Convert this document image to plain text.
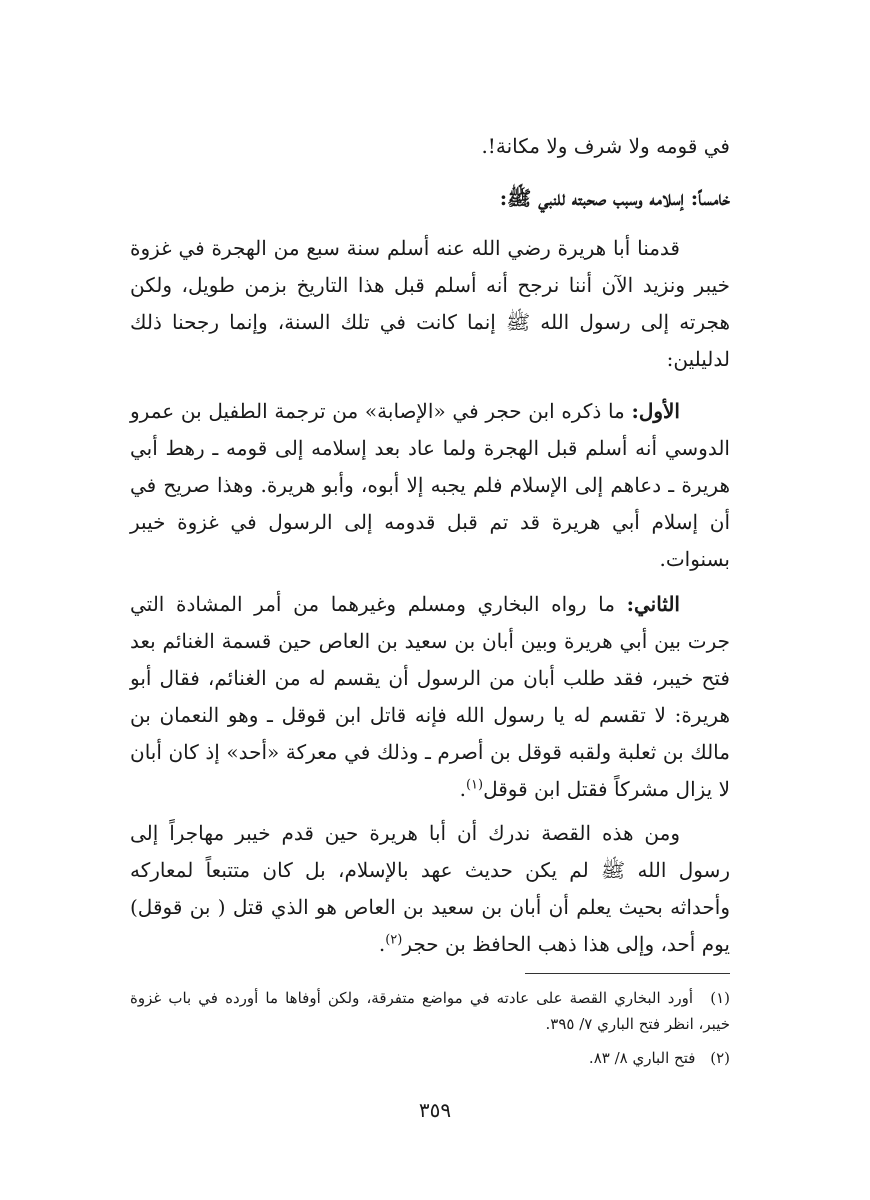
في قومه ولا شرف ولا مكانة!.

خامساً: إسلامه وسبب صحبته للنبي ﷺ:

قدمنا أبا هريرة رضي الله عنه أسلم سنة سبع من الهجرة في غزوة خيبر ونزيد الآن أننا نرجح أنه أسلم قبل هذا التاريخ بزمن طويل، ولكن هجرته إلى رسول الله ﷺ إنما كانت في تلك السنة، وإنما رجحنا ذلك لدليلين:

الأول: ما ذكره ابن حجر في «الإصابة» من ترجمة الطفيل بن عمرو الدوسي أنه أسلم قبل الهجرة ولما عاد بعد إسلامه إلى قومه ـ رهط أبي هريرة ـ دعاهم إلى الإسلام فلم يجبه إلا أبوه، وأبو هريرة. وهذا صريح في أن إسلام أبي هريرة قد تم قبل قدومه إلى الرسول في غزوة خيبر بسنوات.

الثاني: ما رواه البخاري ومسلم وغيرهما من أمر المشادة التي جرت بين أبي هريرة وبين أبان بن سعيد بن العاص حين قسمة الغنائم بعد فتح خيبر، فقد طلب أبان من الرسول أن يقسم له من الغنائم، فقال أبو هريرة: لا تقسم له يا رسول الله فإنه قاتل ابن قوقل ـ وهو النعمان بن مالك بن ثعلبة ولقبه قوقل بن أصرم ـ وذلك في معركة «أحد» إذ كان أبان لا يزال مشركاً فقتل ابن قوقل$^{(١)}$.

ومن هذه القصة ندرك أن أبا هريرة حين قدم خيبر مهاجراً إلى رسول الله ﷺ لم يكن حديث عهد بالإسلام، بل كان متتبعاً لمعاركه وأحداثه بحيث يعلم أن أبان بن سعيد بن العاص هو الذي قتل ( بن قوقل) يوم أحد، وإلى هذا ذهب الحافظ بن حجر$^{(٢)}$.

(١) أورد البخاري القصة على عادته في مواضع متفرقة، ولكن أوفاها ما أورده في باب غزوة خيبر، انظر فتح الباري ٧/ ٣٩٥.

(٢) فتح الباري ٨/ ٨٣.

٣٥٩
